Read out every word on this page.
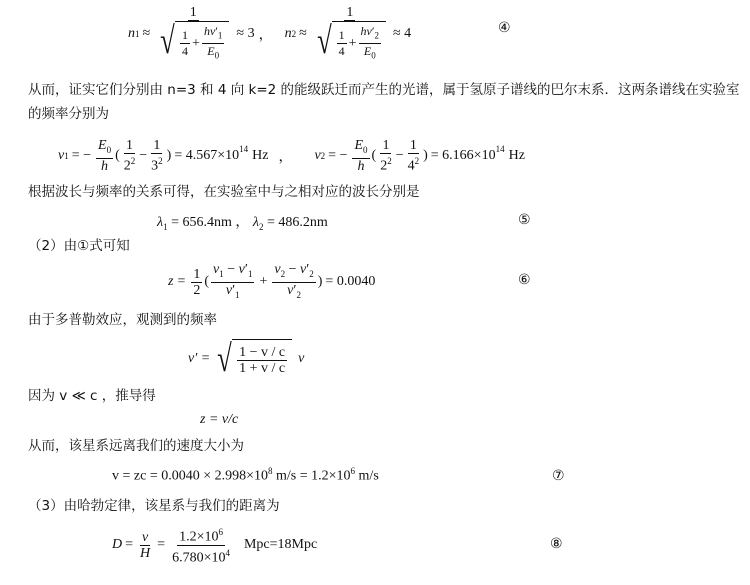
n $1 \approx \frac{1}{√ \frac{1}{4} + \frac{h\nu'_1}{E_0}} \approx 3$ ， n $2 \approx \frac{1}{√ \frac{1}{4} + \frac{h\nu'_2}{E_0}} \approx 4$	④
从而，证实它们分别由 n=3 和 4 向 k=2 的能级跃迁而产生的光谱，属于氢原子谱线的巴尔末系．这两条谱线在实验室
的频率分别为
ν 1 = − $\frac{E_0}{h}$ ( $\frac{1}{2^2} - \frac{1}{3^2}$ ) = $4.567\times 10^{14}$ Hz ， ν 2 = − $\frac{E_0}{h}$ ( $\frac{1}{2^2} - \frac{1}{4^2}$ ) = $6.166\times 10^{14}$ Hz
根据波长与频率的关系可得，在实验室中与之相对应的波长分别是
$\lambda_1 = 656.4nm$ ， $\lambda_2 = 486.2nm$	⑤
（2）由①式可知
$z = \frac{1}{2}$ ( $\frac{\nu_1 - \nu'_1}{\nu'_1} + \frac{\nu_2 - \nu'_2}{\nu'_2}$ ) = 0.0040	⑥
由于多普勒效应，观测到的频率
ν′ = √ $\frac{1 - v / c}{1 + v / c}$ ν
因为 v ≪ c ，推导得
z = v/c
从而，该星系远离我们的速度大小为
v = zc = $0.0040 \times 2.998\times 10^8$ $m/s = 1.2\times 10^6$ m/s	⑦
（3）由哈勃定律，该星系与我们的距离为
$D = \frac{v}{H} = \frac{1.2\times 10^6}{6.780\times 10^4} Mpc=18Mpc$	⑧
